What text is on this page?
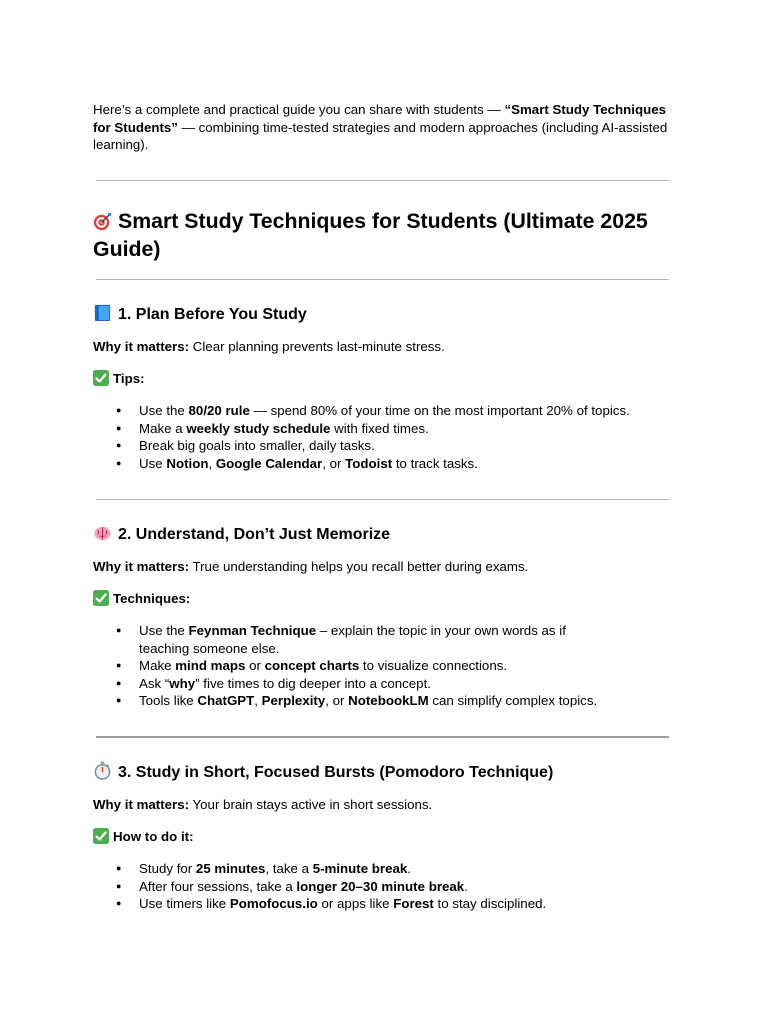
Here’s a complete and practical guide you can share with students — “Smart Study Techniques for Students” — combining time-tested strategies and modern approaches (including AI-assisted learning).

Smart Study Techniques for Students (Ultimate 2025 Guide)
1. Plan Before You Study
Why it matters: Clear planning prevents last-minute stress.
Tips:
● Use the 80/20 rule — spend 80% of your time on the most important 20% of topics.
● Make a weekly study schedule with fixed times.
● Break big goals into smaller, daily tasks.
● Use Notion, Google Calendar, or Todoist to track tasks.
2. Understand, Don’t Just Memorize
Why it matters: True understanding helps you recall better during exams.
Techniques:
● Use the Feynman Technique – explain the topic in your own words as if teaching someone else.
● Make mind maps or concept charts to visualize connections.
● Ask “why” five times to dig deeper into a concept.
● Tools like ChatGPT, Perplexity, or NotebookLM can simplify complex topics.
3. Study in Short, Focused Bursts (Pomodoro Technique)
Why it matters: Your brain stays active in short sessions.
How to do it:
● Study for 25 minutes, take a 5-minute break.
● After four sessions, take a longer 20–30 minute break.
● Use timers like Pomofocus.io or apps like Forest to stay disciplined.
